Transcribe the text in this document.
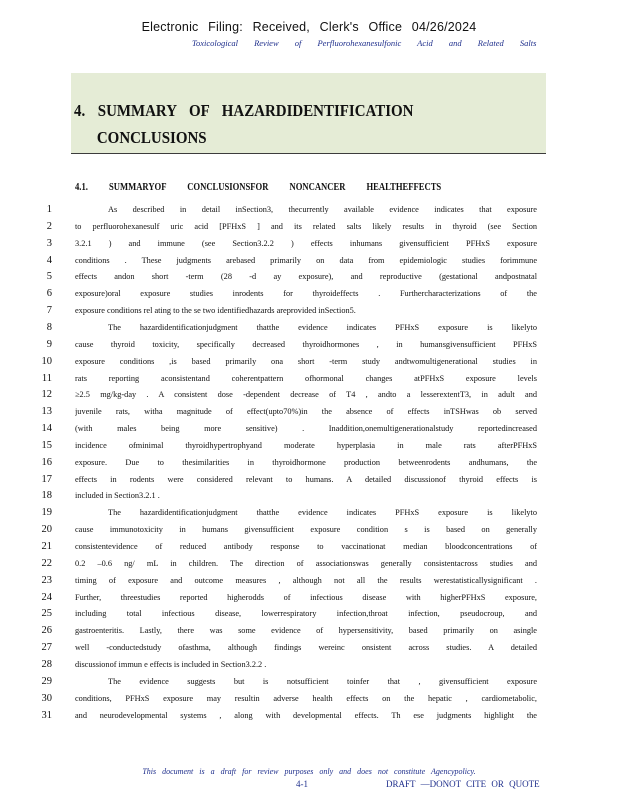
Electronic Filing: Received, Clerk's Office 04/26/2024
Toxicological Review of Perfluorohexanesulfonic Acid and Related Salts
4. SUMMARY OF HAZARDIDENTIFICATION
CONCLUSIONS
4.1. SUMMARYOF CONCLUSIONSFOR NONCANCER HEALTHEFFECTS
1	As described in detail inSection3, thecurrently available evidence indicates that exposure
2	to perfluorohexanesulf uric acid [PFHxS ] and its related salts likely results in thyroid (see Section
3	3.2.1 ) and immune (see Section3.2.2 ) effects inhumans givensufficient PFHxS exposure
4	conditions . These judgments arebased primarily on data from epidemiologic studies forimmune
5	effects andon short -term (28 -d ay exposure), and reproductive (gestational andpostnatal
6	exposure)oral exposure studies inrodents for thyroideffects . Furthercharacterizations of the
7	exposure conditions rel ating to the se two identifiedhazards areprovided inSection5.
8	The hazardidentificationjudgment thatthe evidence indicates PFHxS exposure is likelyto
9	cause thyroid toxicity, specifically decreased thyroidhormones , in humansgivensufficient PFHxS
10	exposure conditions ,is based primarily ona short -term study andtwomultigenerational studies in
11	rats reporting aconsistentand coherentpattern ofhormonal changes atPFHxS exposure levels
12	≥2.5 mg/kg-day . A consistent dose -dependent decrease of T4 , andto a lesserextentT3, in adult and
13	juvenile rats, witha magnitude of effect(upto70%)in the absence of effects inTSHwas ob served
14	(with males being more sensitive) . Inaddition,onemultigenerationalstudy reportedincreased
15	incidence ofminimal thyroidhypertrophyand moderate hyperplasia in male rats afterPFHxS
16	exposure. Due to thesimilarities in thyroidhormone production betweenrodents andhumans, the
17	effects in rodents were considered relevant to humans. A detailed discussionof thyroid effects is
18	included in Section3.2.1 .
19	The hazardidentificationjudgment thatthe evidence indicates PFHxS exposure is likelyto
20	cause immunotoxicity in humans givensufficient exposure condition s is based on generally
21	consistentevidence of reduced antibody response to vaccinationat median bloodconcentrations of
22	0.2 –0.6 ng/ mL in children. The direction of associationswas generally consistentacross studies and
23	timing of exposure and outcome measures , although not all the results werestatisticallysignificant .
24	Further, threestudies reported higherodds of infectious disease with higherPFHxS exposure,
25	including total infectious disease, lowerrespiratory infection,throat infection, pseudocroup, and
26	gastroenteritis. Lastly, there was some evidence of hypersensitivity, based primarily on asingle
27	well -conductedstudy ofasthma, although findings wereinc onsistent across studies. A detailed
28	discussionof immun e effects is included in Section3.2.2 .
29	The evidence suggests but is notsufficient toinfer that , givensufficient exposure
30	conditions, PFHxS exposure may resultin adverse health effects on the hepatic , cardiometabolic,
31	and neurodevelopmental systems , along with developmental effects. Th ese judgments highlight the
This document is a draft for review purposes only and does not constitute Agencypolicy.
4-1	DRAFT —DONOT CITE OR QUOTE
